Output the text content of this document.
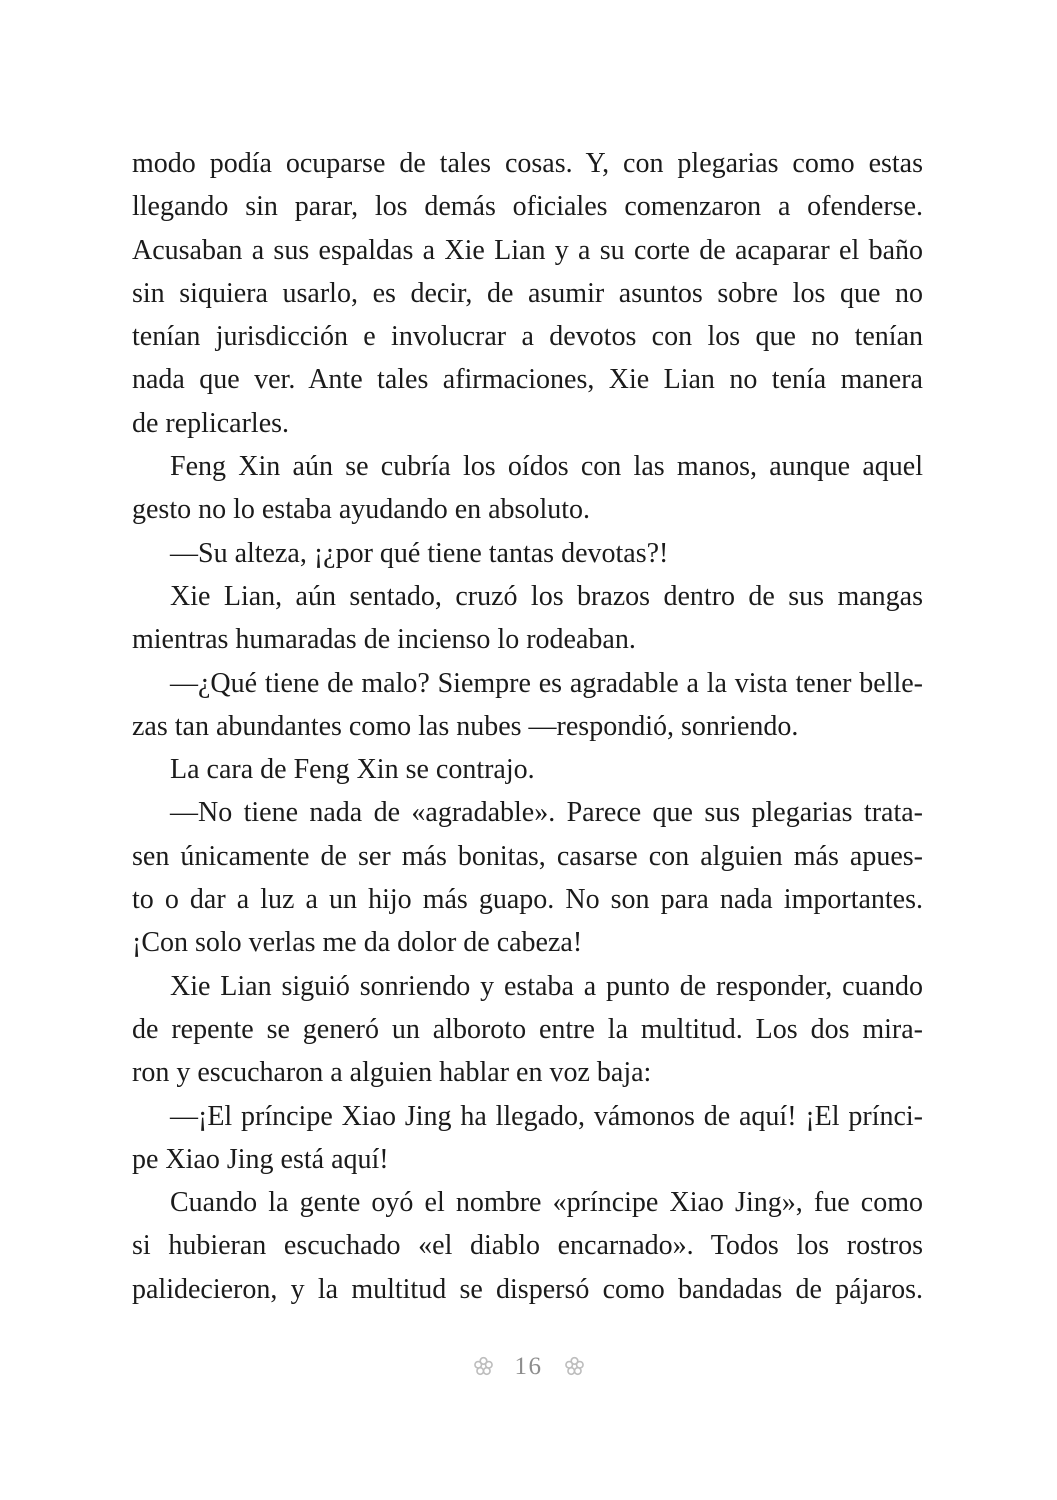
modo podía ocuparse de tales cosas. Y, con plegarias como estas
llegando sin parar, los demás oficiales comenzaron a ofenderse.
Acusaban a sus espaldas a Xie Lian y a su corte de acaparar el baño
sin siquiera usarlo, es decir, de asumir asuntos sobre los que no
tenían jurisdicción e involucrar a devotos con los que no tenían
nada que ver. Ante tales afirmaciones, Xie Lian no tenía manera
de replicarles.
Feng Xin aún se cubría los oídos con las manos, aunque aquel
gesto no lo estaba ayudando en absoluto.
—Su alteza, ¡¿por qué tiene tantas devotas?!
Xie Lian, aún sentado, cruzó los brazos dentro de sus mangas
mientras humaradas de incienso lo rodeaban.
—¿Qué tiene de malo? Siempre es agradable a la vista tener belle-
zas tan abundantes como las nubes —respondió, sonriendo.
La cara de Feng Xin se contrajo.
—No tiene nada de «agradable». Parece que sus plegarias trata-
sen únicamente de ser más bonitas, casarse con alguien más apues-
to o dar a luz a un hijo más guapo. No son para nada importantes.
¡Con solo verlas me da dolor de cabeza!
Xie Lian siguió sonriendo y estaba a punto de responder, cuando
de repente se generó un alboroto entre la multitud. Los dos mira-
ron y escucharon a alguien hablar en voz baja:
—¡El príncipe Xiao Jing ha llegado, vámonos de aquí! ¡El prínci-
pe Xiao Jing está aquí!
Cuando la gente oyó el nombre «príncipe Xiao Jing», fue como
si hubieran escuchado «el diablo encarnado». Todos los rostros
palidecieron, y la multitud se dispersó como bandadas de pájaros.
16
